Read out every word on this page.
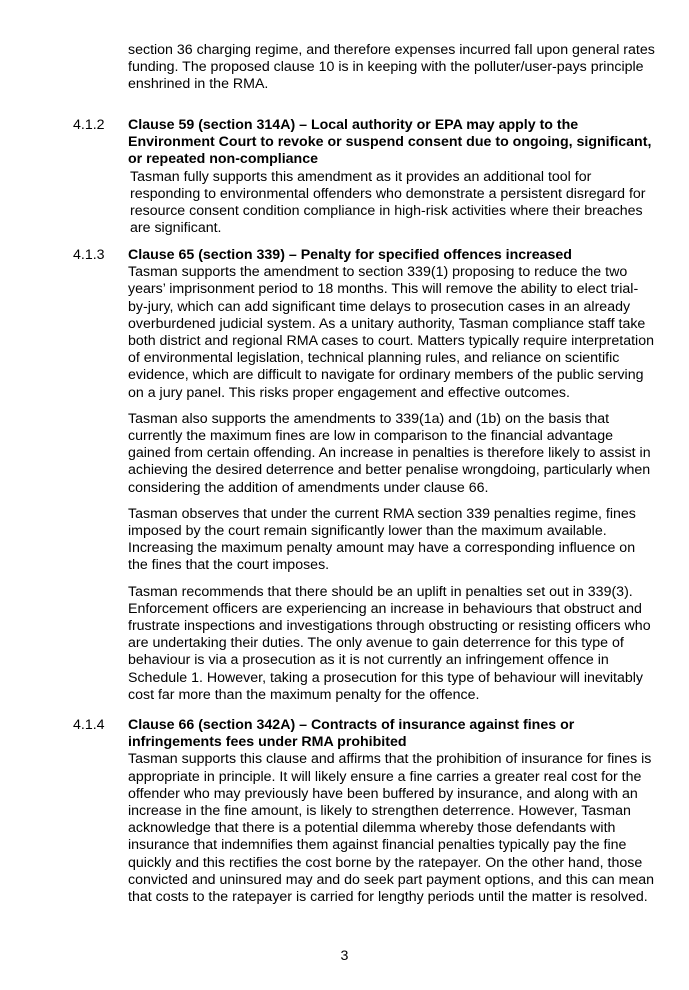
section 36 charging regime, and therefore expenses incurred fall upon general rates funding. The proposed clause 10 is in keeping with the polluter/user-pays principle enshrined in the RMA.

4.1.2 Clause 59 (section 314A) – Local authority or EPA may apply to the Environment Court to revoke or suspend consent due to ongoing, significant, or repeated non-compliance

Tasman fully supports this amendment as it provides an additional tool for responding to environmental offenders who demonstrate a persistent disregard for resource consent condition compliance in high-risk activities where their breaches are significant.

4.1.3 Clause 65 (section 339) – Penalty for specified offences increased

Tasman supports the amendment to section 339(1) proposing to reduce the two years’ imprisonment period to 18 months. This will remove the ability to elect trial-by-jury, which can add significant time delays to prosecution cases in an already overburdened judicial system. As a unitary authority, Tasman compliance staff take both district and regional RMA cases to court. Matters typically require interpretation of environmental legislation, technical planning rules, and reliance on scientific evidence, which are difficult to navigate for ordinary members of the public serving on a jury panel. This risks proper engagement and effective outcomes.

Tasman also supports the amendments to 339(1a) and (1b) on the basis that currently the maximum fines are low in comparison to the financial advantage gained from certain offending. An increase in penalties is therefore likely to assist in achieving the desired deterrence and better penalise wrongdoing, particularly when considering the addition of amendments under clause 66.

Tasman observes that under the current RMA section 339 penalties regime, fines imposed by the court remain significantly lower than the maximum available. Increasing the maximum penalty amount may have a corresponding influence on the fines that the court imposes.

Tasman recommends that there should be an uplift in penalties set out in 339(3). Enforcement officers are experiencing an increase in behaviours that obstruct and frustrate inspections and investigations through obstructing or resisting officers who are undertaking their duties. The only avenue to gain deterrence for this type of behaviour is via a prosecution as it is not currently an infringement offence in Schedule 1. However, taking a prosecution for this type of behaviour will inevitably cost far more than the maximum penalty for the offence.

4.1.4 Clause 66 (section 342A) – Contracts of insurance against fines or infringements fees under RMA prohibited

Tasman supports this clause and affirms that the prohibition of insurance for fines is appropriate in principle. It will likely ensure a fine carries a greater real cost for the offender who may previously have been buffered by insurance, and along with an increase in the fine amount, is likely to strengthen deterrence. However, Tasman acknowledge that there is a potential dilemma whereby those defendants with insurance that indemnifies them against financial penalties typically pay the fine quickly and this rectifies the cost borne by the ratepayer. On the other hand, those convicted and uninsured may and do seek part payment options, and this can mean that costs to the ratepayer is carried for lengthy periods until the matter is resolved.

3
